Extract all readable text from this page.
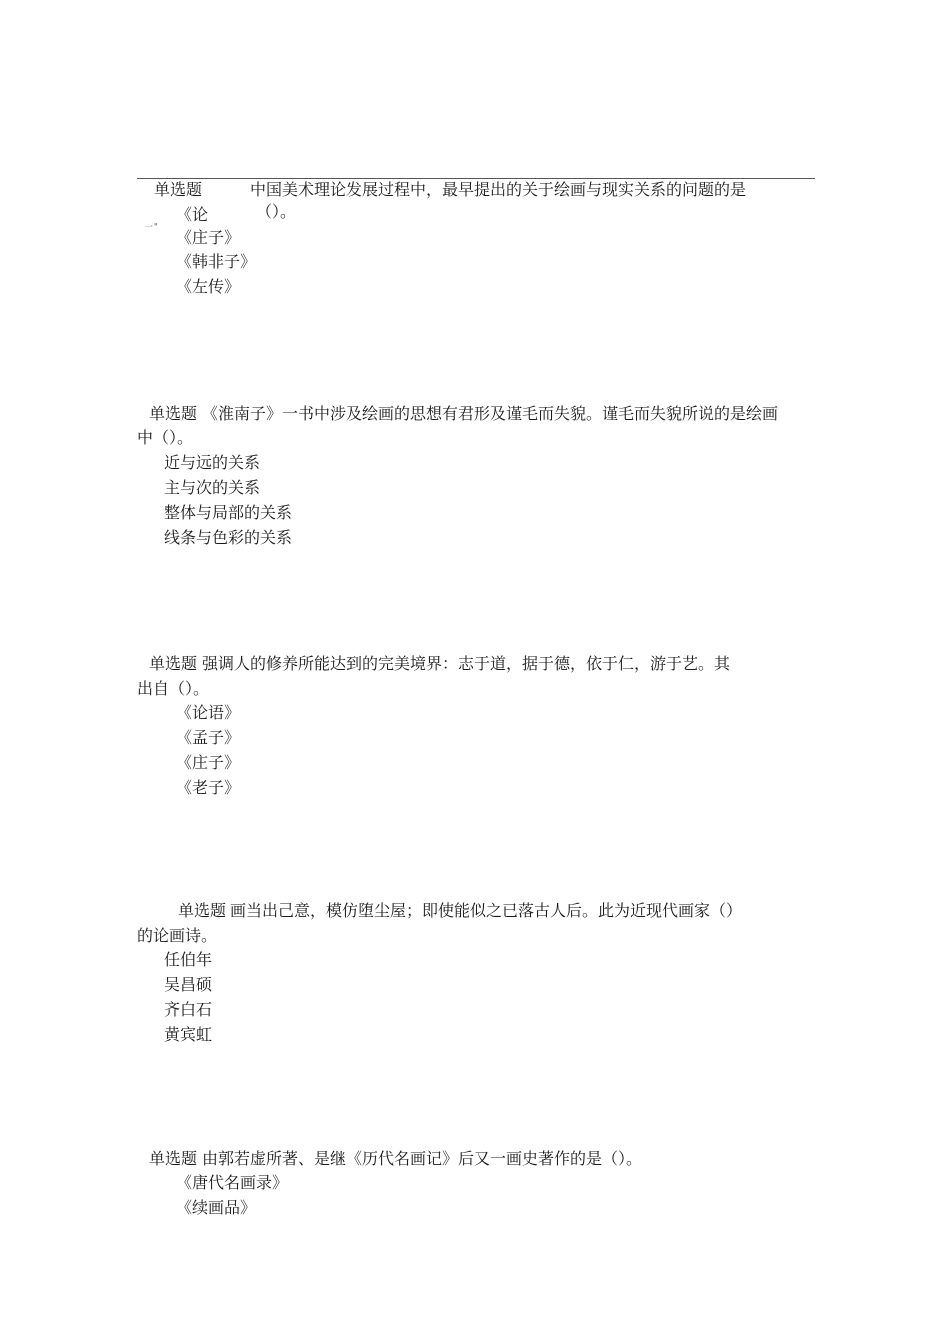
一 ''
单选题	中国美术理论发展过程中，最早提出的关于绘画与现实关系的问题的是
（）。
《论
《庄子》
《韩非子》
《左传》
单选题 《淮南子》一书中涉及绘画的思想有君形及谨毛而失貌。谨毛而失貌所说的是绘画
中（）。
近与远的关系
主与次的关系
整体与局部的关系
线条与色彩的关系
单选题 强调人的修养所能达到的完美境界：志于道，据于德，依于仁，游于艺。其
出自（）。
《论语》
《孟子》
《庄子》
《老子》
单选题 画当出己意，模仿堕尘屋；即使能似之已落古人后。此为近现代画家（）
的论画诗。
任伯年
吴昌硕
齐白石
黄宾虹
单选题 由郭若虚所著、是继《历代名画记》后又一画史著作的是（）。
《唐代名画录》
《续画品》
